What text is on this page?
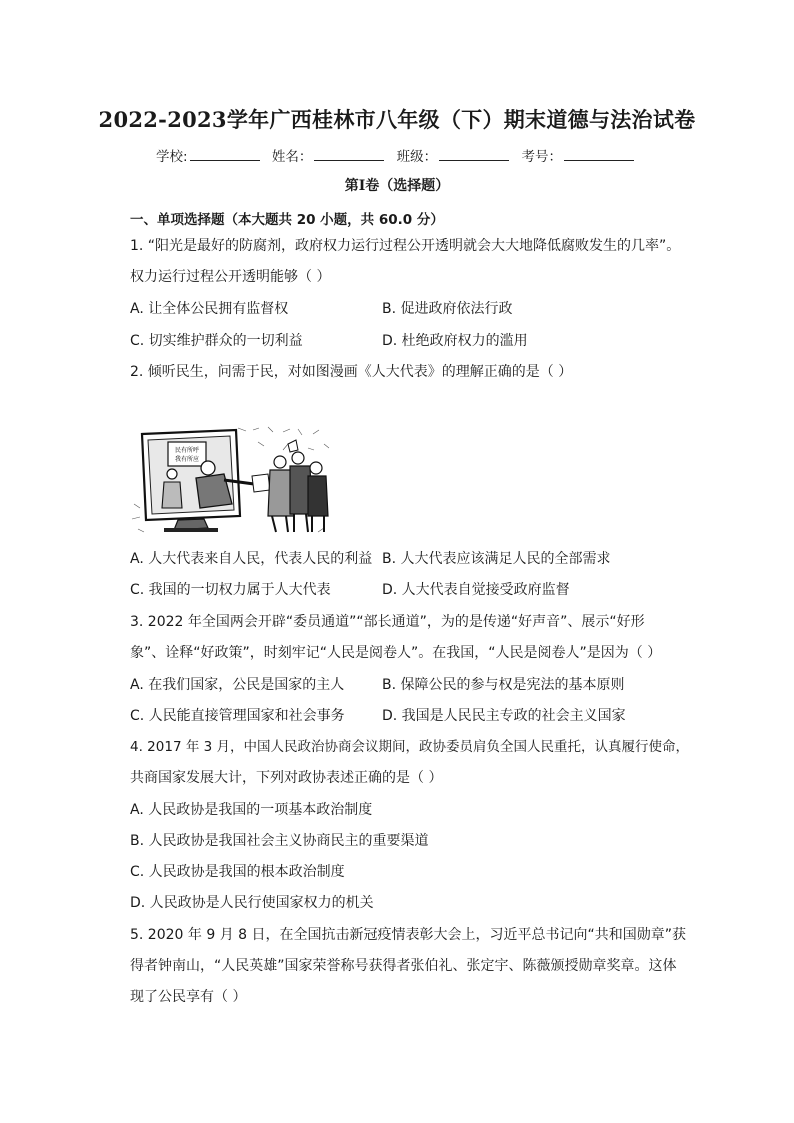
2022-2023学年广西桂林市八年级（下）期末道德与法治试卷
学校:	姓名：	班级：	考号：
第Ⅰ卷（选择题）
一、单项选择题（本大题共 20 小题，共 60.0 分）
1. “阳光是最好的防腐剂，政府权力运行过程公开透明就会大大地降低腐败发生的几率”。
权力运行过程公开透明能够（ ）
A. 让全体公民拥有监督权	B. 促进政府依法行政
C. 切实维护群众的一切利益	D. 杜绝政府权力的滥用
2. 倾听民生，问需于民，对如图漫画《人大代表》的理解正确的是（ ）
民有所呼
我有所应
A. 人大代表来自人民，代表人民的利益 B. 人大代表应该满足人民的全部需求
C. 我国的一切权力属于人大代表	D. 人大代表自觉接受政府监督
3. 2022 年全国两会开辟“委员通道”“部长通道”，为的是传递“好声音”、展示“好形
象”、诠释“好政策”，时刻牢记“人民是阅卷人”。在我国，“人民是阅卷人”是因为（ ）
A. 在我们国家，公民是国家的主人	B. 保障公民的参与权是宪法的基本原则
C. 人民能直接管理国家和社会事务	D. 我国是人民民主专政的社会主义国家
4. 2017 年 3 月，中国人民政治协商会议期间，政协委员肩负全国人民重托，认真履行使命，
共商国家发展大计，下列对政协表述正确的是（ ）
A. 人民政协是我国的一项基本政治制度
B. 人民政协是我国社会主义协商民主的重要渠道
C. 人民政协是我国的根本政治制度
D. 人民政协是人民行使国家权力的机关
5. 2020 年 9 月 8 日，在全国抗击新冠疫情表彰大会上，习近平总书记向“共和国勋章”获
得者钟南山，“人民英雄”国家荣誉称号获得者张伯礼、张定宇、陈薇颁授勋章奖章。这体
现了公民享有（ ）
